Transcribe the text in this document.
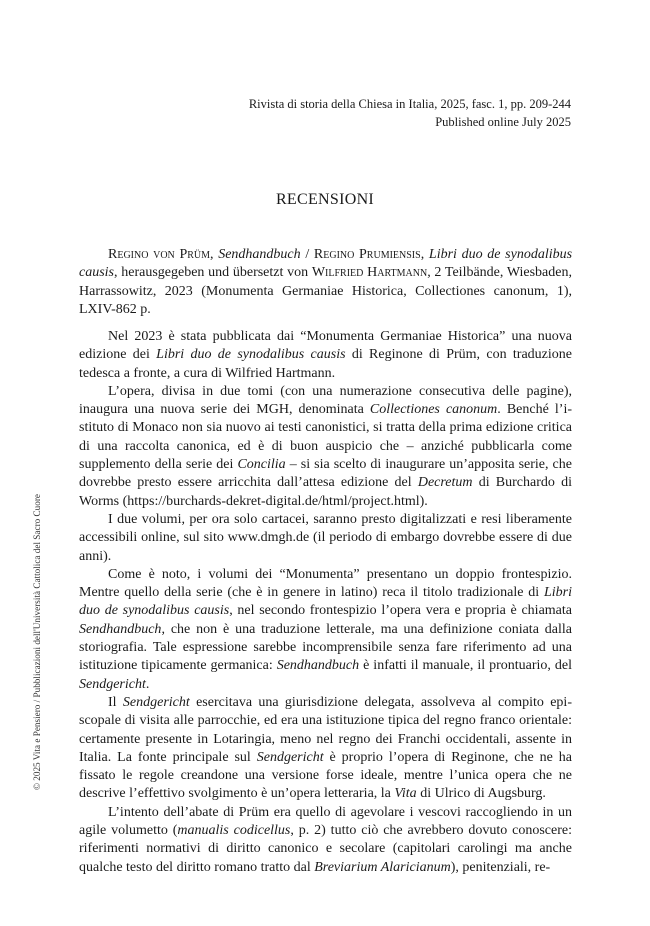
Rivista di storia della Chiesa in Italia, 2025, fasc. 1, pp. 209-244
Published online July 2025
RECENSIONI
© 2025 Vita e Pensiero / Pubblicazioni dell'Università Cattolica del Sacro Cuore

Regino von Prüm, Sendhandbuch / Regino Prumiensis, Libri duo de synodalibus causis, herausgegeben und übersetzt von Wilfried Hartmann, 2 Teilbände, Wiesbaden, Harrassowitz, 2023 (Monumenta Germaniae Historica, Collectiones canonum, 1), LXIV-862 p.

Nel 2023 è stata pubblicata dai “Monumenta Germaniae Historica” una nuova edizione dei Libri duo de synodalibus causis di Reginone di Prüm, con traduzione tedesca a fronte, a cura di Wilfried Hartmann.

L’opera, divisa in due tomi (con una numerazione consecutiva delle pagine), inaugura una nuova serie dei MGH, denominata Collectiones canonum. Benché l’istituto di Monaco non sia nuovo ai testi canonistici, si tratta della prima edizione critica di una raccolta canonica, ed è di buon auspicio che – anziché pubblicarla come supplemento della serie dei Concilia – si sia scelto di inaugurare un’apposita serie, che dovrebbe presto essere arricchita dall’attesa edizione del Decretum di Burchardo di Worms (https://burchards-dekret-digital.de/html/project.html).

I due volumi, per ora solo cartacei, saranno presto digitalizzati e resi liberamente accessibili online, sul sito www.dmgh.de (il periodo di embargo dovrebbe essere di due anni).

Come è noto, i volumi dei “Monumenta” presentano un doppio frontespizio. Mentre quello della serie (che è in genere in latino) reca il titolo tradizionale di Libri duo de synodalibus causis, nel secondo frontespizio l’opera vera e propria è chiamata Sendhandbuch, che non è una traduzione letterale, ma una definizione coniata dalla storiografia. Tale espressione sarebbe incomprensibile senza fare riferimento ad una istituzione tipicamente germanica: Sendhandbuch è infatti il manuale, il prontuario, del Sendgericht.

Il Sendgericht esercitava una giurisdizione delegata, assolveva al compito episcopale di visita alle parrocchie, ed era una istituzione tipica del regno franco orientale: certamente presente in Lotaringia, meno nel regno dei Franchi occidentali, assente in Italia. La fonte principale sul Sendgericht è proprio l’opera di Reginone, che ne ha fissato le regole creandone una versione forse ideale, mentre l’unica opera che ne descrive l’effettivo svolgimento è un’opera letteraria, la Vita di Ulrico di Augsburg.

L’intento dell’abate di Prüm era quello di agevolare i vescovi raccogliendo in un agile volumetto (manualis codicellus, p. 2) tutto ciò che avrebbero dovuto conoscere: riferimenti normativi di diritto canonico e secolare (capitolari carolingi ma anche qualche testo del diritto romano tratto dal Breviarium Alaricianum), penitenziali, re-
